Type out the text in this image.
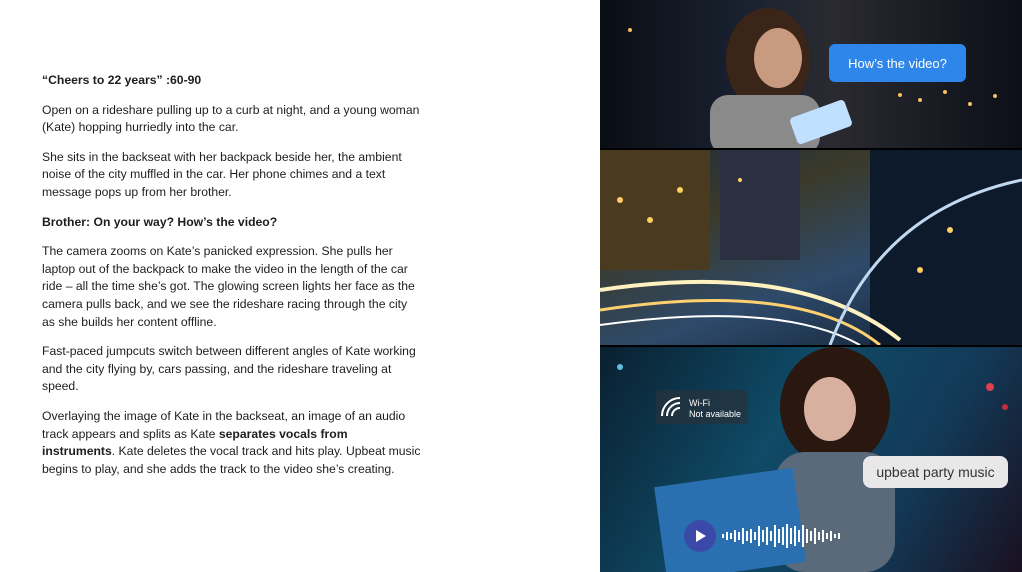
“Cheers to 22 years” :60-90

Open on a rideshare pulling up to a curb at night, and a young woman (Kate) hopping hurriedly into the car.

She sits in the backseat with her backpack beside her, the ambient noise of the city muffled in the car. Her phone chimes and a text message pops up from her brother.

Brother: On your way? How’s the video?

The camera zooms on Kate’s panicked expression. She pulls her laptop out of the backpack to make the video in the length of the car ride – all the time she’s got. The glowing screen lights her face as the camera pulls back, and we see the rideshare racing through the city as she builds her content offline.

Fast-paced jumpcuts switch between different angles of Kate working and the city flying by, cars passing, and the rideshare traveling at speed.

Overlaying the image of Kate in the backseat, an image of an audio track appears and splits as Kate separates vocals from instruments. Kate deletes the vocal track and hits play. Upbeat music begins to play, and she adds the track to the video she’s creating.

How’s the video?
Wi-Fi
Not available
upbeat party music
